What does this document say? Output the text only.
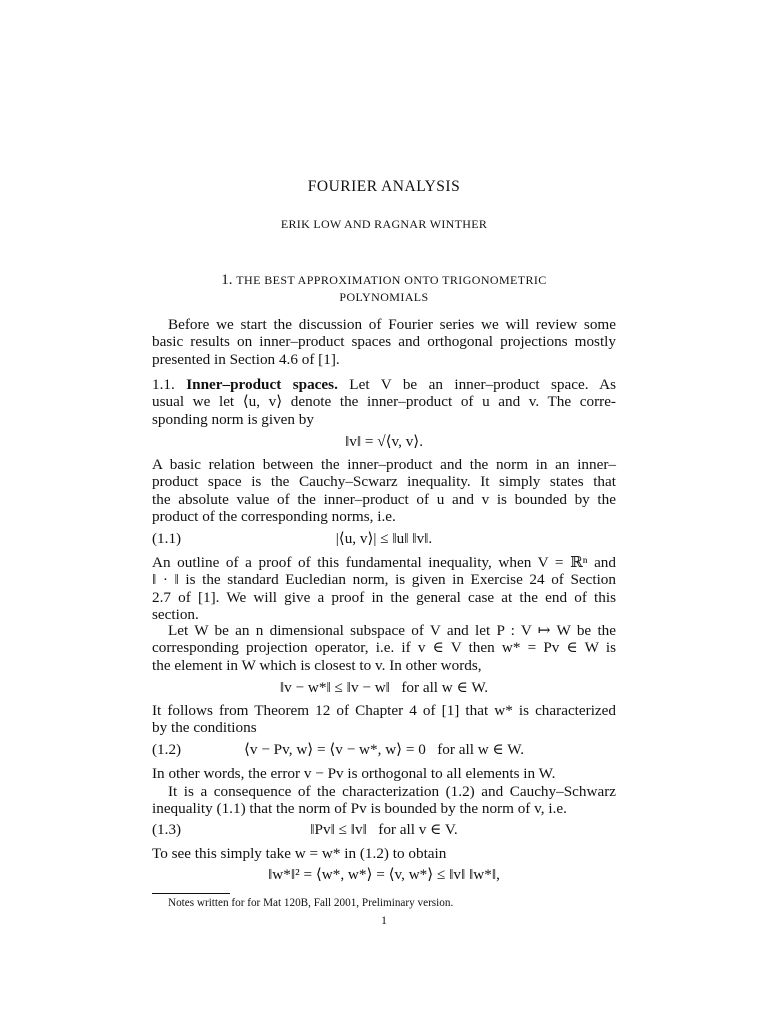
FOURIER ANALYSIS
ERIK LOW AND RAGNAR WINTHER
1. THE BEST APPROXIMATION ONTO TRIGONOMETRIC
POLYNOMIALS
Before we start the discussion of Fourier series we will review some
basic results on inner–product spaces and orthogonal projections mostly
presented in Section 4.6 of [1].
1.1. Inner–product spaces. Let V be an inner–product space. As
usual we let ⟨u, v⟩ denote the inner–product of u and v. The corre-
sponding norm is given by
‖v‖ = √⟨v, v⟩.
A basic relation between the inner–product and the norm in an inner–
product space is the Cauchy–Scwarz inequality. It simply states that
the absolute value of the inner–product of u and v is bounded by the
product of the corresponding norms, i.e.
(1.1)	|⟨u, v⟩| ≤ ‖u‖ ‖v‖.
An outline of a proof of this fundamental inequality, when V = ℝⁿ and
‖ · ‖ is the standard Eucledian norm, is given in Exercise 24 of Section
2.7 of [1]. We will give a proof in the general case at the end of this
section.
Let W be an n dimensional subspace of V and let P : V ↦ W be the
corresponding projection operator, i.e. if v ∈ V then w* = Pv ∈ W is
the element in W which is closest to v. In other words,
‖v − w*‖ ≤ ‖v − w‖   for all w ∈ W.
It follows from Theorem 12 of Chapter 4 of [1] that w* is characterized
by the conditions
(1.2)	⟨v − Pv, w⟩ = ⟨v − w*, w⟩ = 0   for all w ∈ W.
In other words, the error v − Pv is orthogonal to all elements in W.
It is a consequence of the characterization (1.2) and Cauchy–Schwarz
inequality (1.1) that the norm of Pv is bounded by the norm of v, i.e.
(1.3)	‖Pv‖ ≤ ‖v‖   for all v ∈ V.
To see this simply take w = w* in (1.2) to obtain
‖w*‖² = ⟨w*, w*⟩ = ⟨v, w*⟩ ≤ ‖v‖ ‖w*‖,
Notes written for for Mat 120B, Fall 2001, Preliminary version.
1
